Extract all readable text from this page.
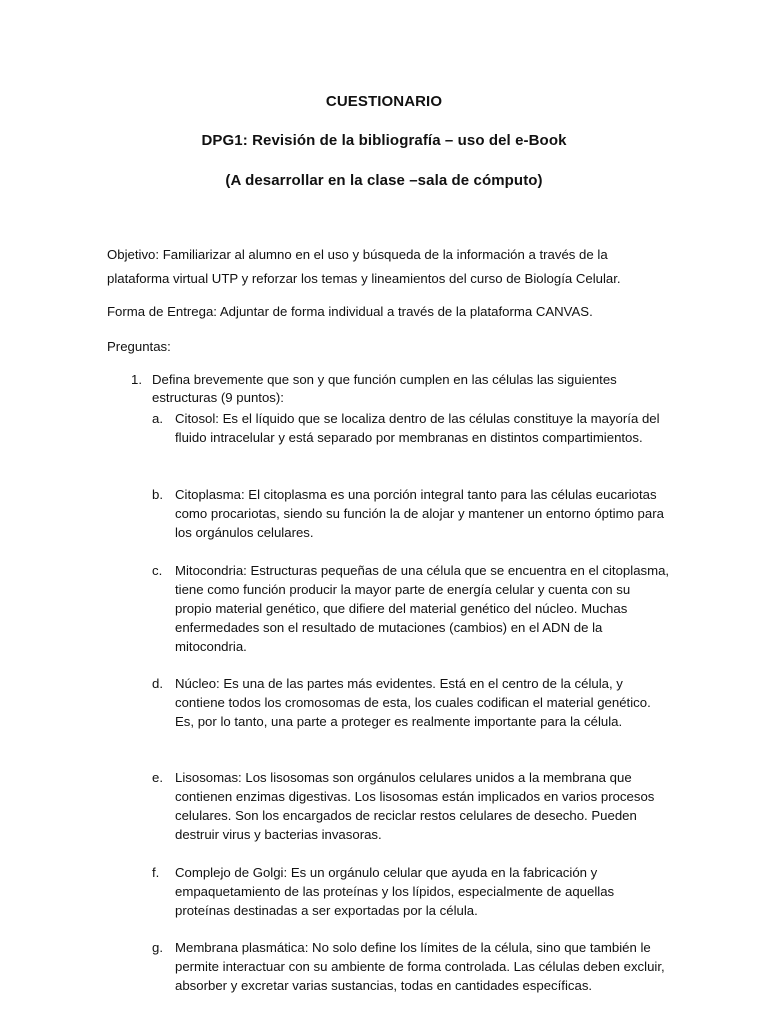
CUESTIONARIO
DPG1: Revisión de la bibliografía – uso del e-Book
(A desarrollar en la clase –sala de cómputo)
Objetivo: Familiarizar al alumno en el uso y búsqueda de la información a través de la plataforma virtual UTP y reforzar los temas y lineamientos del curso de Biología Celular.
Forma de Entrega: Adjuntar de forma individual a través de la plataforma CANVAS.
Preguntas:
1. Defina brevemente que son y que función cumplen en las células las siguientes estructuras (9 puntos):
a. Citosol: Es el líquido que se localiza dentro de las células constituye la mayoría del fluido intracelular y está separado por membranas en distintos compartimientos.
b. Citoplasma: El citoplasma es una porción integral tanto para las células eucariotas como procariotas, siendo su función la de alojar y mantener un entorno óptimo para los orgánulos celulares.
c. Mitocondria: Estructuras pequeñas de una célula que se encuentra en el citoplasma, tiene como función producir la mayor parte de energía celular y cuenta con su propio material genético, que difiere del material genético del núcleo. Muchas enfermedades son el resultado de mutaciones (cambios) en el ADN de la mitocondria.
d. Núcleo: Es una de las partes más evidentes. Está en el centro de la célula, y contiene todos los cromosomas de esta, los cuales codifican el material genético. Es, por lo tanto, una parte a proteger es realmente importante para la célula.
e. Lisosomas: Los lisosomas son orgánulos celulares unidos a la membrana que contienen enzimas digestivas. Los lisosomas están implicados en varios procesos celulares. Son los encargados de reciclar restos celulares de desecho. Pueden destruir virus y bacterias invasoras.
f. Complejo de Golgi: Es un orgánulo celular que ayuda en la fabricación y empaquetamiento de las proteínas y los lípidos, especialmente de aquellas proteínas destinadas a ser exportadas por la célula.
g. Membrana plasmática: No solo define los límites de la célula, sino que también le permite interactuar con su ambiente de forma controlada. Las células deben excluir, absorber y excretar varias sustancias, todas en cantidades específicas.
